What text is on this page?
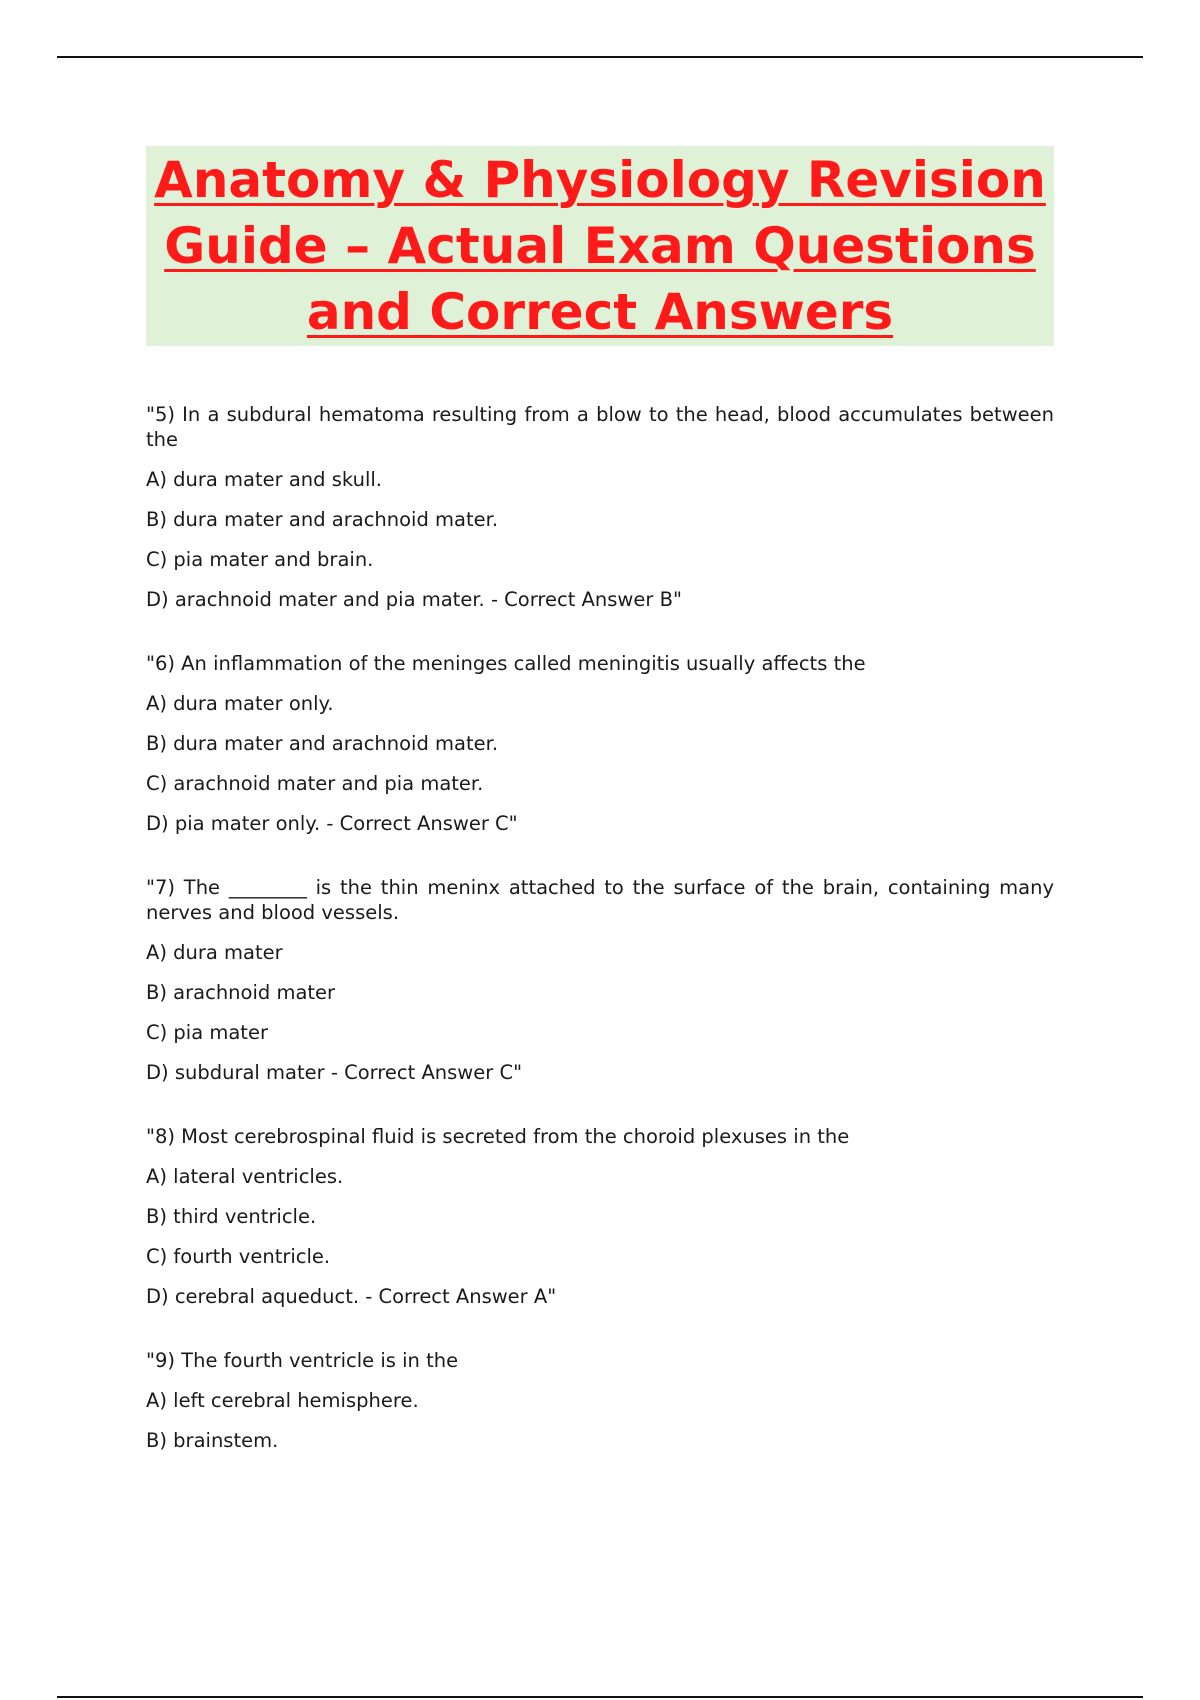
Anatomy & Physiology Revision Guide – Actual Exam Questions and Correct Answers

"5) In a subdural hematoma resulting from a blow to the head, blood accumulates between the

A) dura mater and skull.
B) dura mater and arachnoid mater.
C) pia mater and brain.
D) arachnoid mater and pia mater. - Correct Answer B"

"6) An inflammation of the meninges called meningitis usually affects the

A) dura mater only.
B) dura mater and arachnoid mater.
C) arachnoid mater and pia mater.
D) pia mater only. - Correct Answer C"

"7) The ________ is the thin meninx attached to the surface of the brain, containing many nerves and blood vessels.

A) dura mater
B) arachnoid mater
C) pia mater
D) subdural mater - Correct Answer C"

"8) Most cerebrospinal fluid is secreted from the choroid plexuses in the

A) lateral ventricles.
B) third ventricle.
C) fourth ventricle.
D) cerebral aqueduct. - Correct Answer A"

"9) The fourth ventricle is in the

A) left cerebral hemisphere.
B) brainstem.
